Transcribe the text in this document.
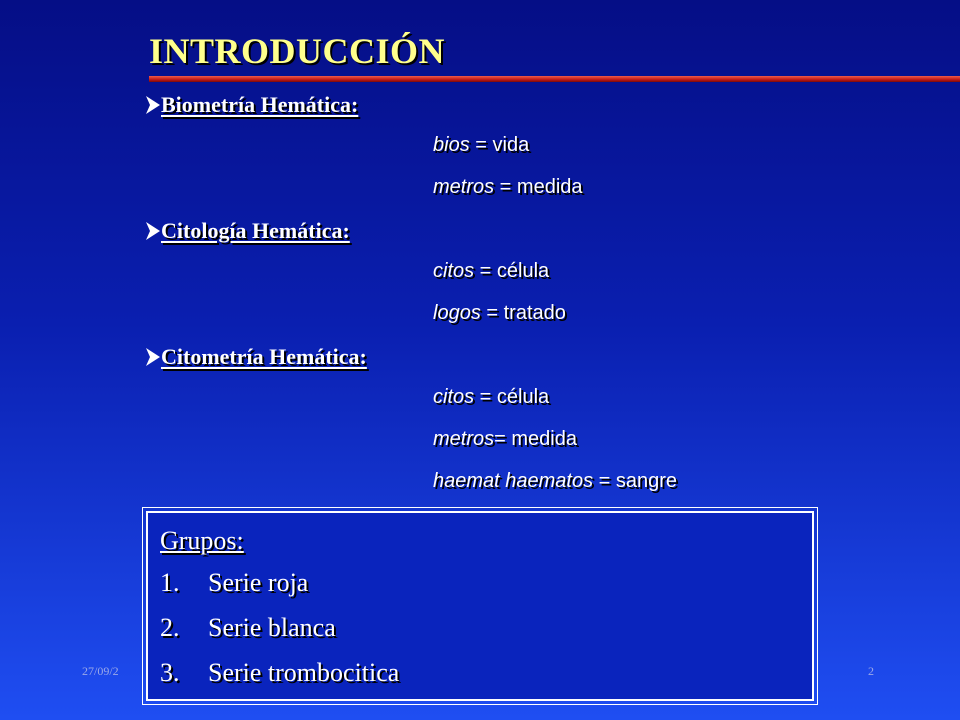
INTRODUCCIÓN
Biometría Hemática:
bios = vida
metros = medida
Citología Hemática:
citos = célula
logos = tratado
Citometría Hemática:
citos = célula
metros= medida
haemat haematos = sangre
27/09/2	2
Grupos:
1.	Serie roja
2.	Serie blanca
3.	Serie trombocitica
